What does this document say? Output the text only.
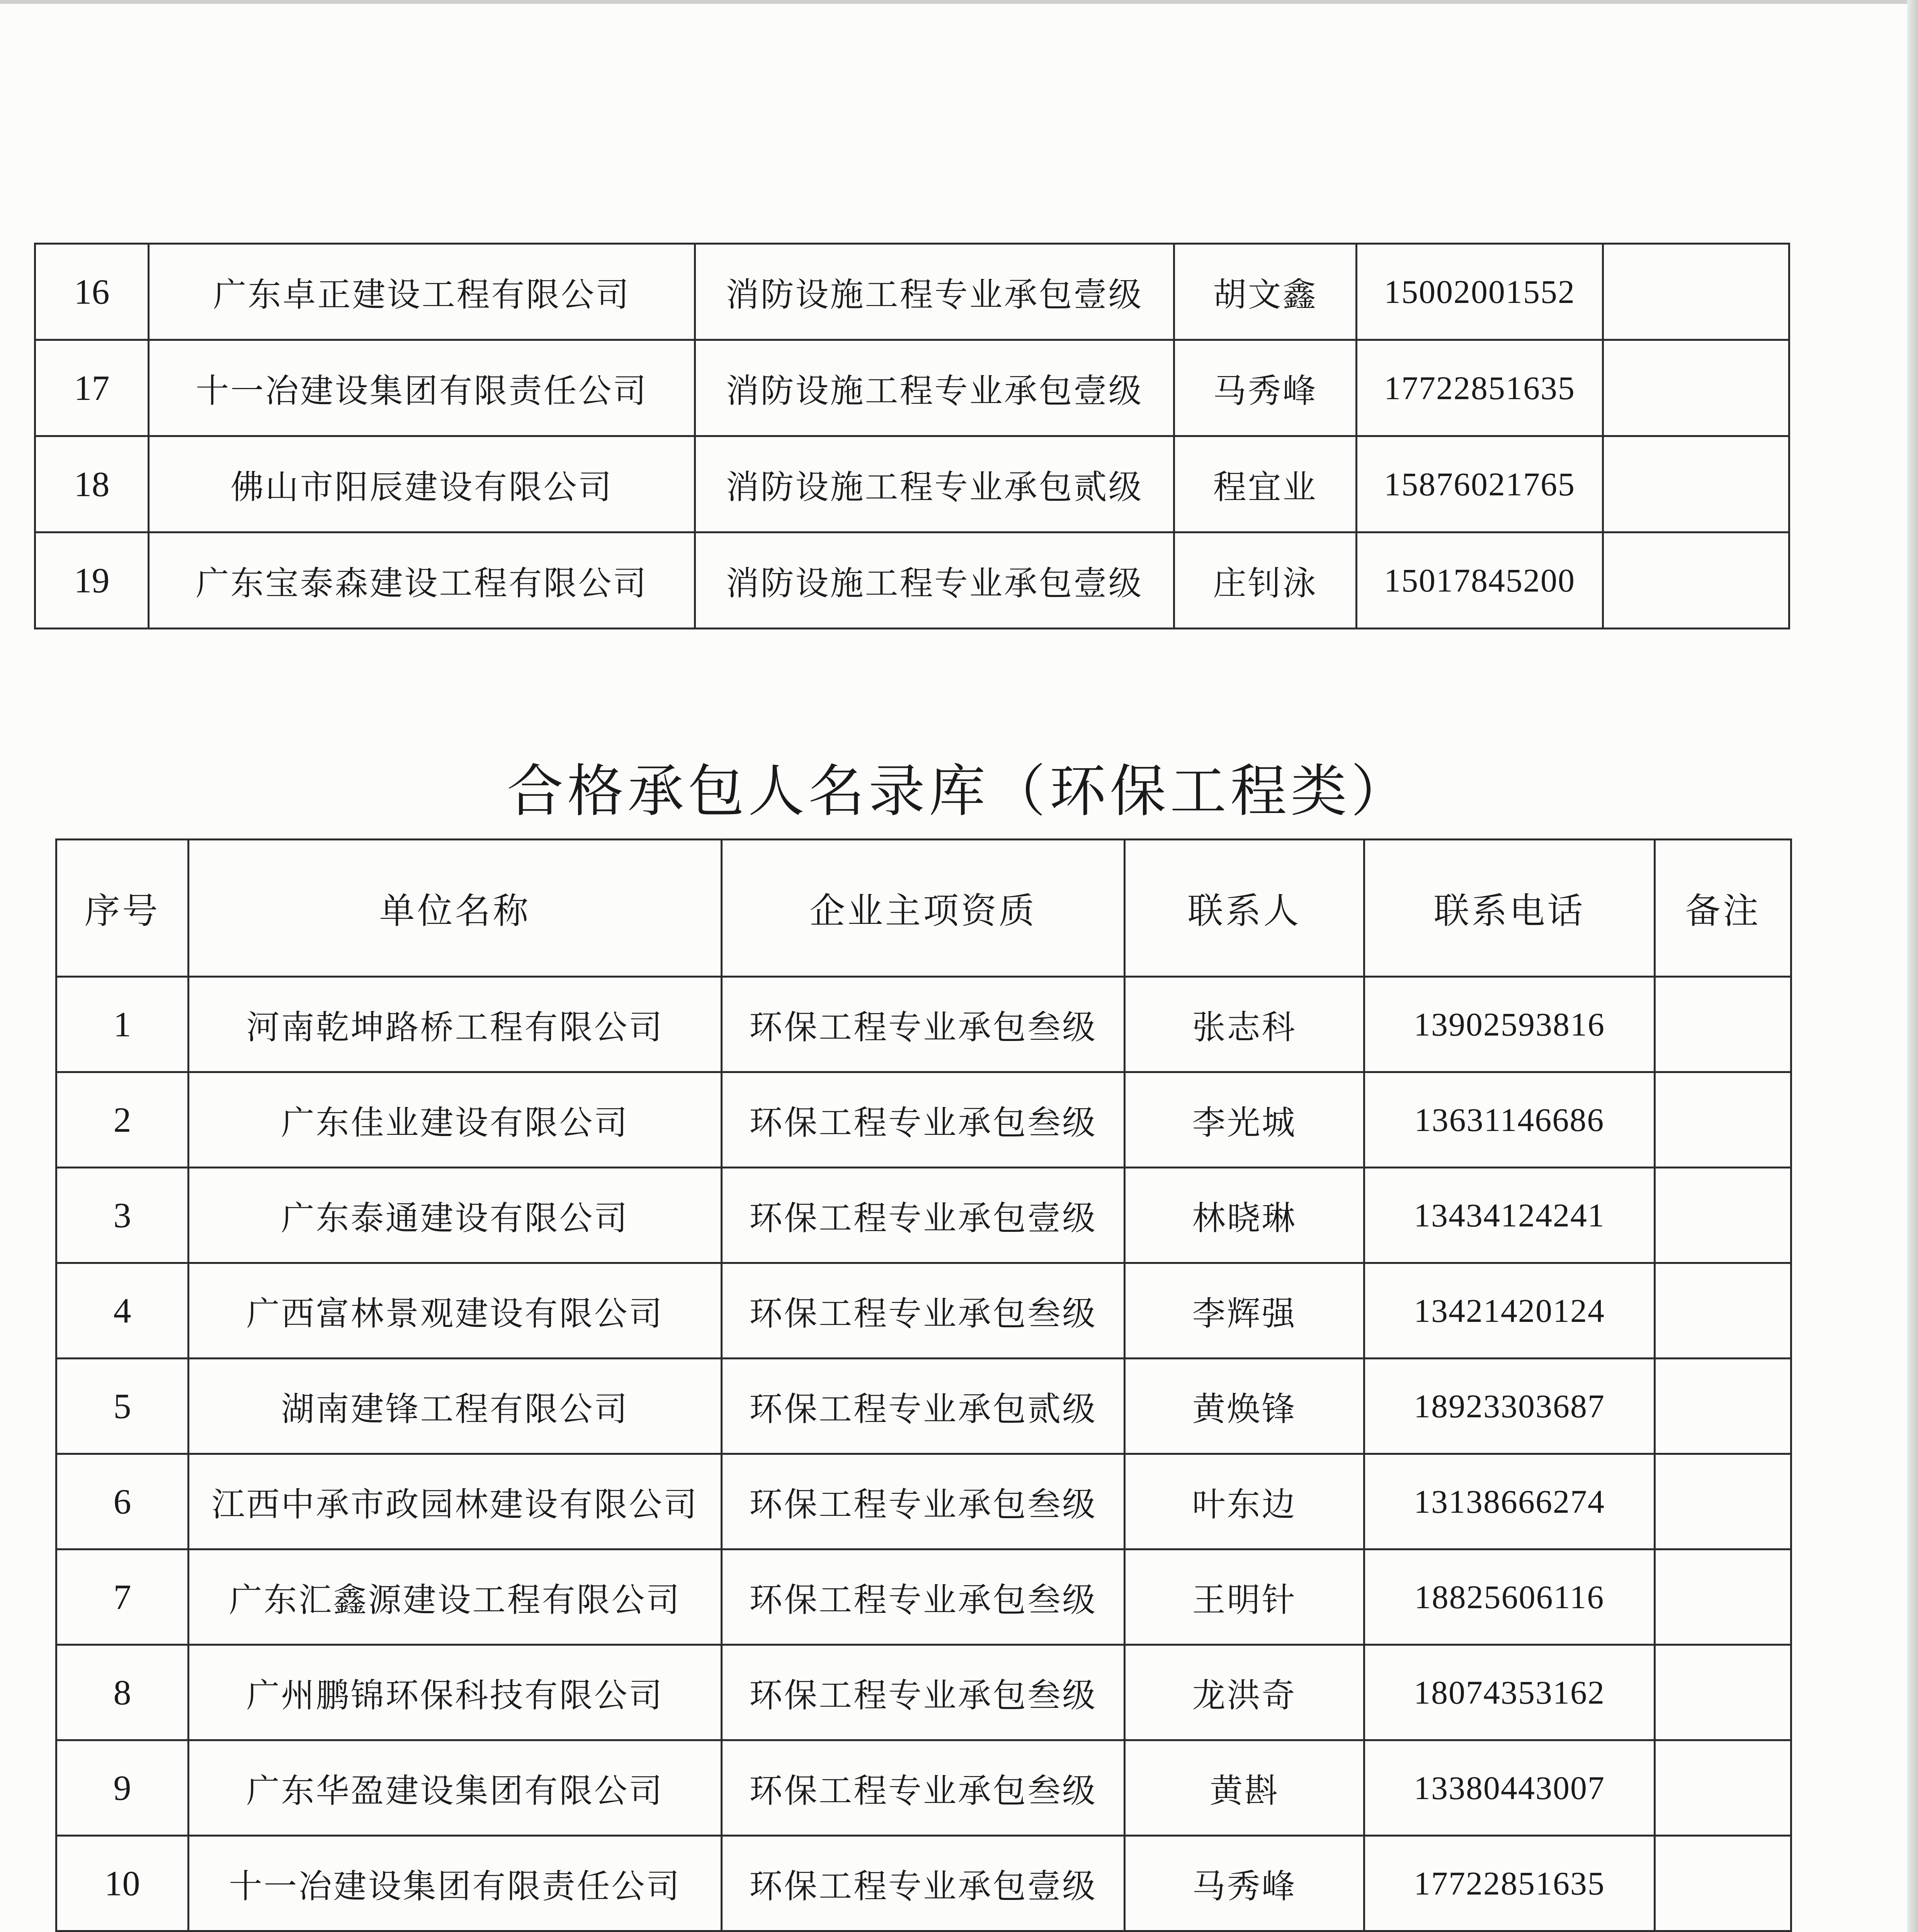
16	广东卓正建设工程有限公司	消防设施工程专业承包壹级	胡文鑫	15002001552	
17	十一冶建设集团有限责任公司	消防设施工程专业承包壹级	马秀峰	17722851635	
18	佛山市阳辰建设有限公司	消防设施工程专业承包贰级	程宜业	15876021765	
19	广东宝泰森建设工程有限公司	消防设施工程专业承包壹级	庄钊泳	15017845200	
合格承包人名录库（环保工程类）
序号	单位名称	企业主项资质	联系人	联系电话	备注
1	河南乾坤路桥工程有限公司	环保工程专业承包叁级	张志科	13902593816	
2	广东佳业建设有限公司	环保工程专业承包叁级	李光城	13631146686	
3	广东泰通建设有限公司	环保工程专业承包壹级	林晓琳	13434124241	
4	广西富林景观建设有限公司	环保工程专业承包叁级	李辉强	13421420124	
5	湖南建锋工程有限公司	环保工程专业承包贰级	黄焕锋	18923303687	
6	江西中承市政园林建设有限公司	环保工程专业承包叁级	叶东边	13138666274	
7	广东汇鑫源建设工程有限公司	环保工程专业承包叁级	王明针	18825606116	
8	广州鹏锦环保科技有限公司	环保工程专业承包叁级	龙洪奇	18074353162	
9	广东华盈建设集团有限公司	环保工程专业承包叁级	黄斟	13380443007	
10	十一冶建设集团有限责任公司	环保工程专业承包壹级	马秀峰	17722851635	
